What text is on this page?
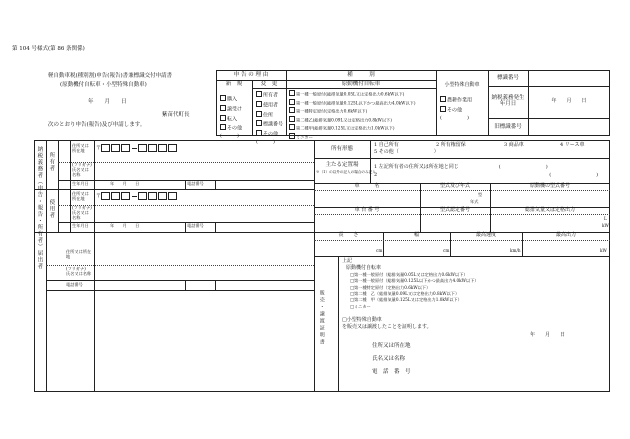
第 104 号様式(第 86 条関係)
軽自動車税(種別割)申告(報告)書兼標識交付申請書
(原動機付自転車・小型特殊自動車)
年　　月　　日
紫苗代町長
次のとおり申告(報告)及び申請します。
申 告 の 理 由	種　　　別
新　規	変　更	原動機付自転車	小型特殊自動車
購入
譲受け
転入
その他
(　　　)
所有者
使用者
住所
標識番号
その他
(　　　)
第一種一般原付(総排気量0.05L又は定格出力0.6kW以下)
第一種一般原付(総排気量0.125L以下かつ最高出力4.0kW以下)
第一種特定原付(定格出力0.6kW以下)
第二種乙(総排気量0.09L又は定格出力0.8kW以下)
第二種甲(総排気量0.125L又は定格出力1.0kW以下)
ミニカー
農耕作業用
その他
(　　　　　)
標識番号
納税義務発生年月日
年　　月　　日
旧標識番号
納税義務者（申告・報告・所有者） 所有者
使用者
届出者
住所又は所在地	〒
(フリガナ)
氏名又は名称
生年月日	年　　月　　日	電話番号
住所又は所在地	〒
(フリガナ)
氏名又は名称
生年月日	年　　月　　日	電話番号
住所又は所在地
(フリガナ)
氏名又は名称
電話番号
所有形態
1 自己所有	2 所有権留保	3 商品車	4 リース車
5 その他（　　　　　　　）
主たる定置場
※（1）の以外の記入の場合のみ記入
1 左記所有者の住所又は所在地と同じ	(　　　　　　　　　)
2	(　　　　　　　　　)
車　　　名	型式及び年式	原動機の型式番号
型
年式
車 台 番 号	型式認定番号	総排気量又は定格出力
L
kW
長　　さ	幅	最高速度	最高出力
cm	cm	km/h	kW
販売・譲渡証明書
上記
原動機付自転車
□第一種一般原付（総排気量0.05L又は定格出力0.6kW以下）
□第一種一般原付（総排気量0.125L以下かつ最高出力4.0kW以下）
□第一種特定原付（定格出力0.6kW以下）
□第二種　乙（総排気量0.09L又は定格出力0.8kW以下）
□第二種　甲（総排気量0.125L又は定格出力1.0kW以下）
□ミニカー
□小型特殊自動車
を販売又は譲渡したことを証明します。
年　　月　　日
住所又は所在地
氏名又は名称
電　話　番　号
